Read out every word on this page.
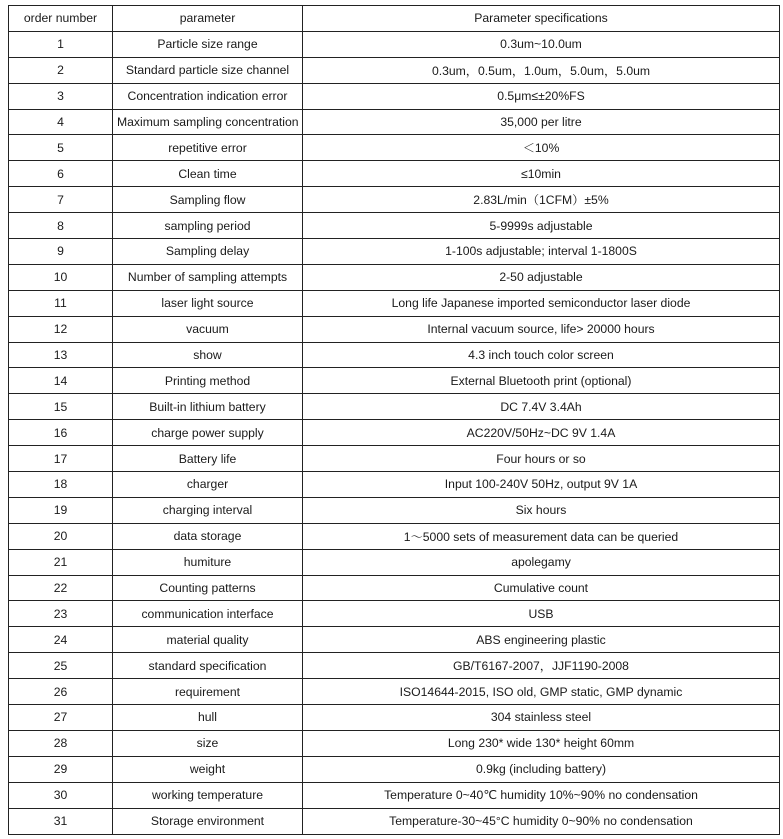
order number	parameter	Parameter specifications
1	Particle size range	0.3um~10.0um
2	Standard particle size channel	0.3um，0.5um，1.0um，5.0um，5.0um
3	Concentration indication error	0.5μm≤±20%FS
4	Maximum sampling concentration	35,000 per litre
5	repetitive error	＜10%
6	Clean time	≤10min
7	Sampling flow	2.83L/min（1CFM）±5%
8	sampling period	5-9999s adjustable
9	Sampling delay	1-100s adjustable; interval 1-1800S
10	Number of sampling attempts	2-50 adjustable
11	laser light source	Long life Japanese imported semiconductor laser diode
12	vacuum	Internal vacuum source, life> 20000 hours
13	show	4.3 inch touch color screen
14	Printing method	External Bluetooth print (optional)
15	Built-in lithium battery	DC 7.4V 3.4Ah
16	charge power supply	AC220V/50Hz~DC 9V 1.4A
17	Battery life	Four hours or so
18	charger	Input 100-240V 50Hz, output 9V 1A
19	charging interval	Six hours
20	data storage	1～5000 sets of measurement data can be queried
21	humiture	apolegamy
22	Counting patterns	Cumulative count
23	communication interface	USB
24	material quality	ABS engineering plastic
25	standard specification	GB/T6167-2007，JJF1190-2008
26	requirement	ISO14644-2015, ISO old, GMP static, GMP dynamic
27	hull	304 stainless steel
28	size	Long 230* wide 130* height 60mm
29	weight	0.9kg (including battery)
30	working temperature	Temperature 0~40℃ humidity 10%~90% no condensation
31	Storage environment	Temperature-30~45°C humidity 0~90% no condensation
